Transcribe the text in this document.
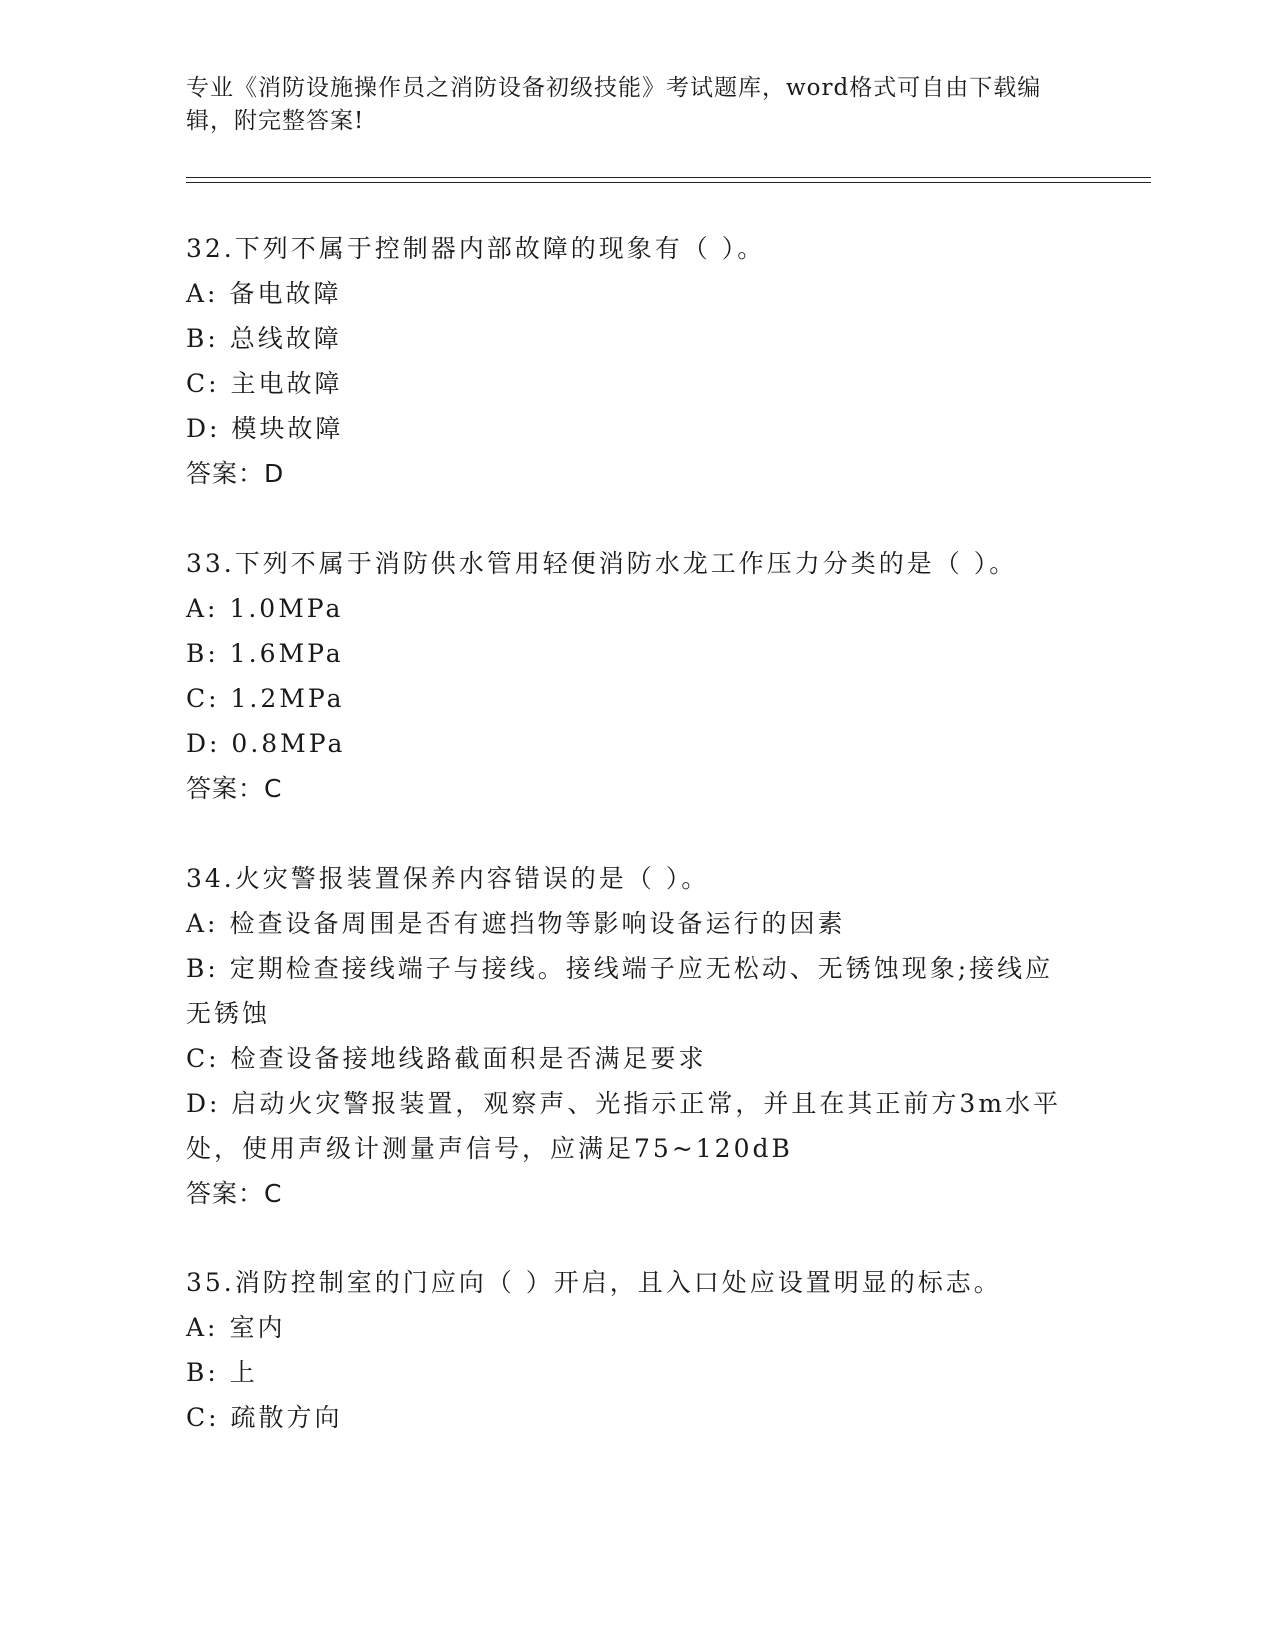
专业《消防设施操作员之消防设备初级技能》考试题库，word格式可自由下载编辑，附完整答案!
32.下列不属于控制器内部故障的现象有（ ）。
A: 备电故障
B: 总线故障
C: 主电故障
D: 模块故障
答案：D
33.下列不属于消防供水管用轻便消防水龙工作压力分类的是（ ）。
A: 1.0MPa
B: 1.6MPa
C: 1.2MPa
D: 0.8MPa
答案：C
34.火灾警报装置保养内容错误的是（ ）。
A: 检查设备周围是否有遮挡物等影响设备运行的因素
B: 定期检查接线端子与接线。接线端子应无松动、无锈蚀现象;接线应无锈蚀
C: 检查设备接地线路截面积是否满足要求
D: 启动火灾警报装置，观察声、光指示正常，并且在其正前方3m水平处，使用声级计测量声信号，应满足75~120dB
答案：C
35.消防控制室的门应向（ ）开启，且入口处应设置明显的标志。
A: 室内
B: 上
C: 疏散方向
